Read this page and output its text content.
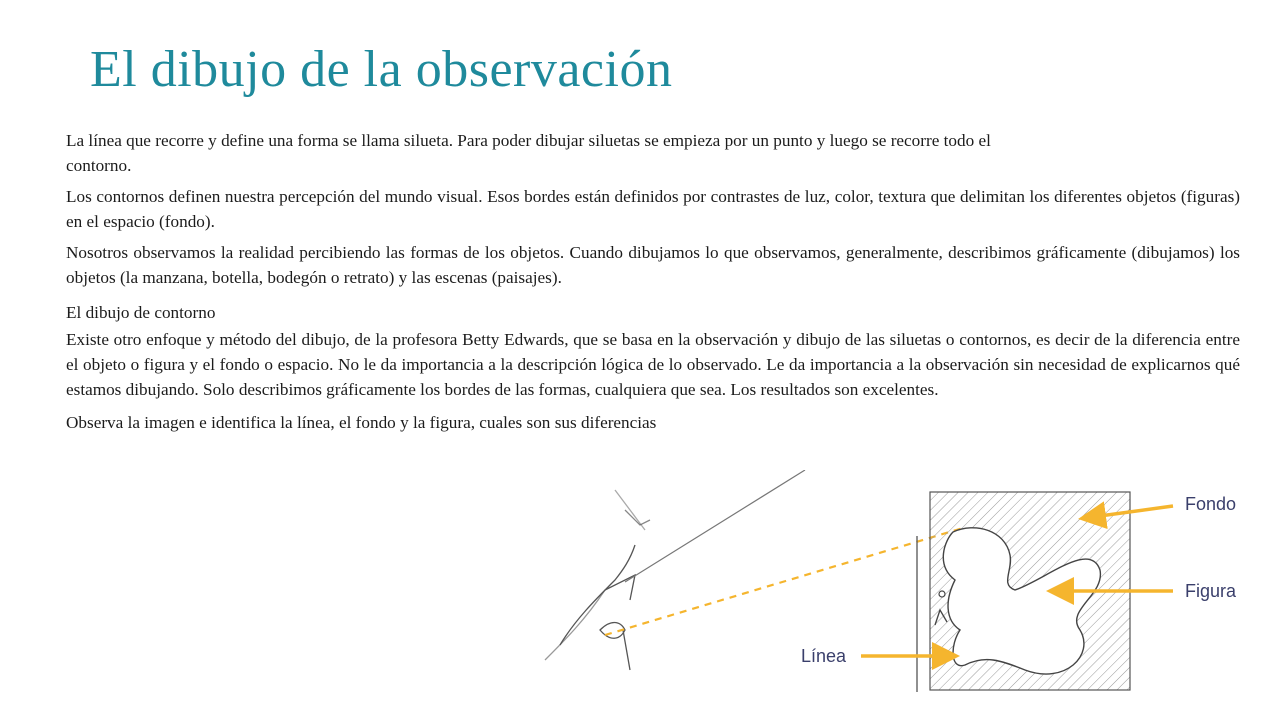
El dibujo de la observación

La línea que recorre y define una forma se llama silueta. Para poder dibujar siluetas se empieza por un punto y luego se recorre todo el contorno.

Los contornos definen nuestra percepción del mundo visual. Esos bordes están definidos por contrastes de luz, color, textura que delimitan los diferentes objetos (figuras) en el espacio (fondo).

Nosotros observamos la realidad percibiendo las formas de los objetos. Cuando dibujamos lo que observamos, generalmente, describimos gráficamente (dibujamos) los objetos (la manzana, botella, bodegón o retrato) y las escenas (paisajes).

El dibujo de contorno

Existe otro enfoque y método del dibujo, de la profesora Betty Edwards, que se basa en la observación y dibujo de las siluetas o contornos, es decir de la diferencia entre el objeto o figura y el fondo o espacio. No le da importancia a la descripción lógica de lo observado. Le da importancia a la observación sin necesidad de explicarnos qué estamos dibujando. Solo describimos gráficamente los bordes de las formas, cualquiera que sea. Los resultados son excelentes.

Observa la imagen e identifica la línea, el fondo y la figura, cuales son sus diferencias

Fondo
Figura
Línea
